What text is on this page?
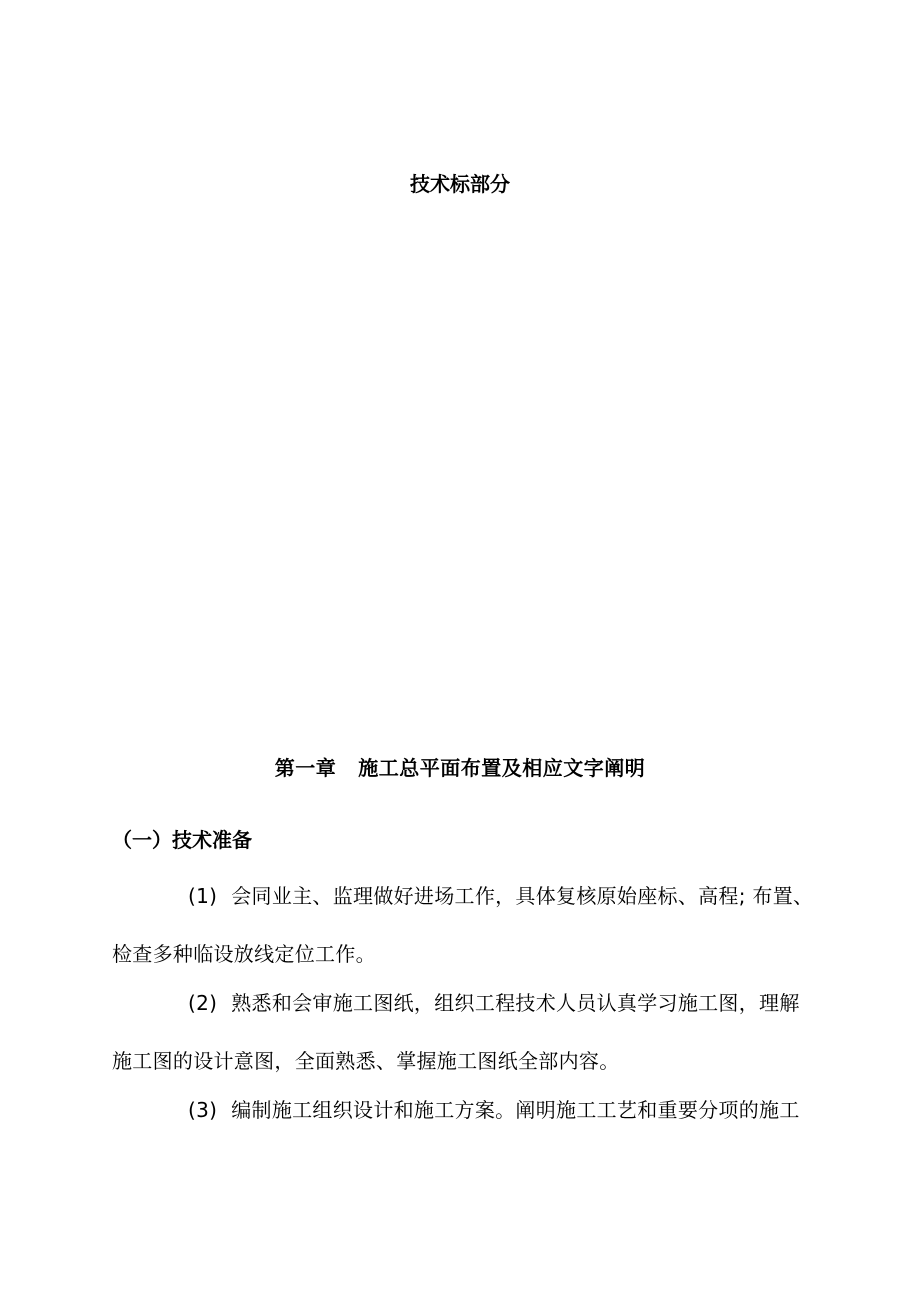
技术标部分
第一章 施工总平面布置及相应文字阐明
（一）技术准备

(1) 会同业主、监理做好进场工作，具体复核原始座标、高程; 布置、检查多种临设放线定位工作。

(2) 熟悉和会审施工图纸，组织工程技术人员认真学习施工图，理解施工图的设计意图，全面熟悉、掌握施工图纸全部内容。

(3) 编制施工组织设计和施工方案。阐明施工工艺和重要分项的施工
